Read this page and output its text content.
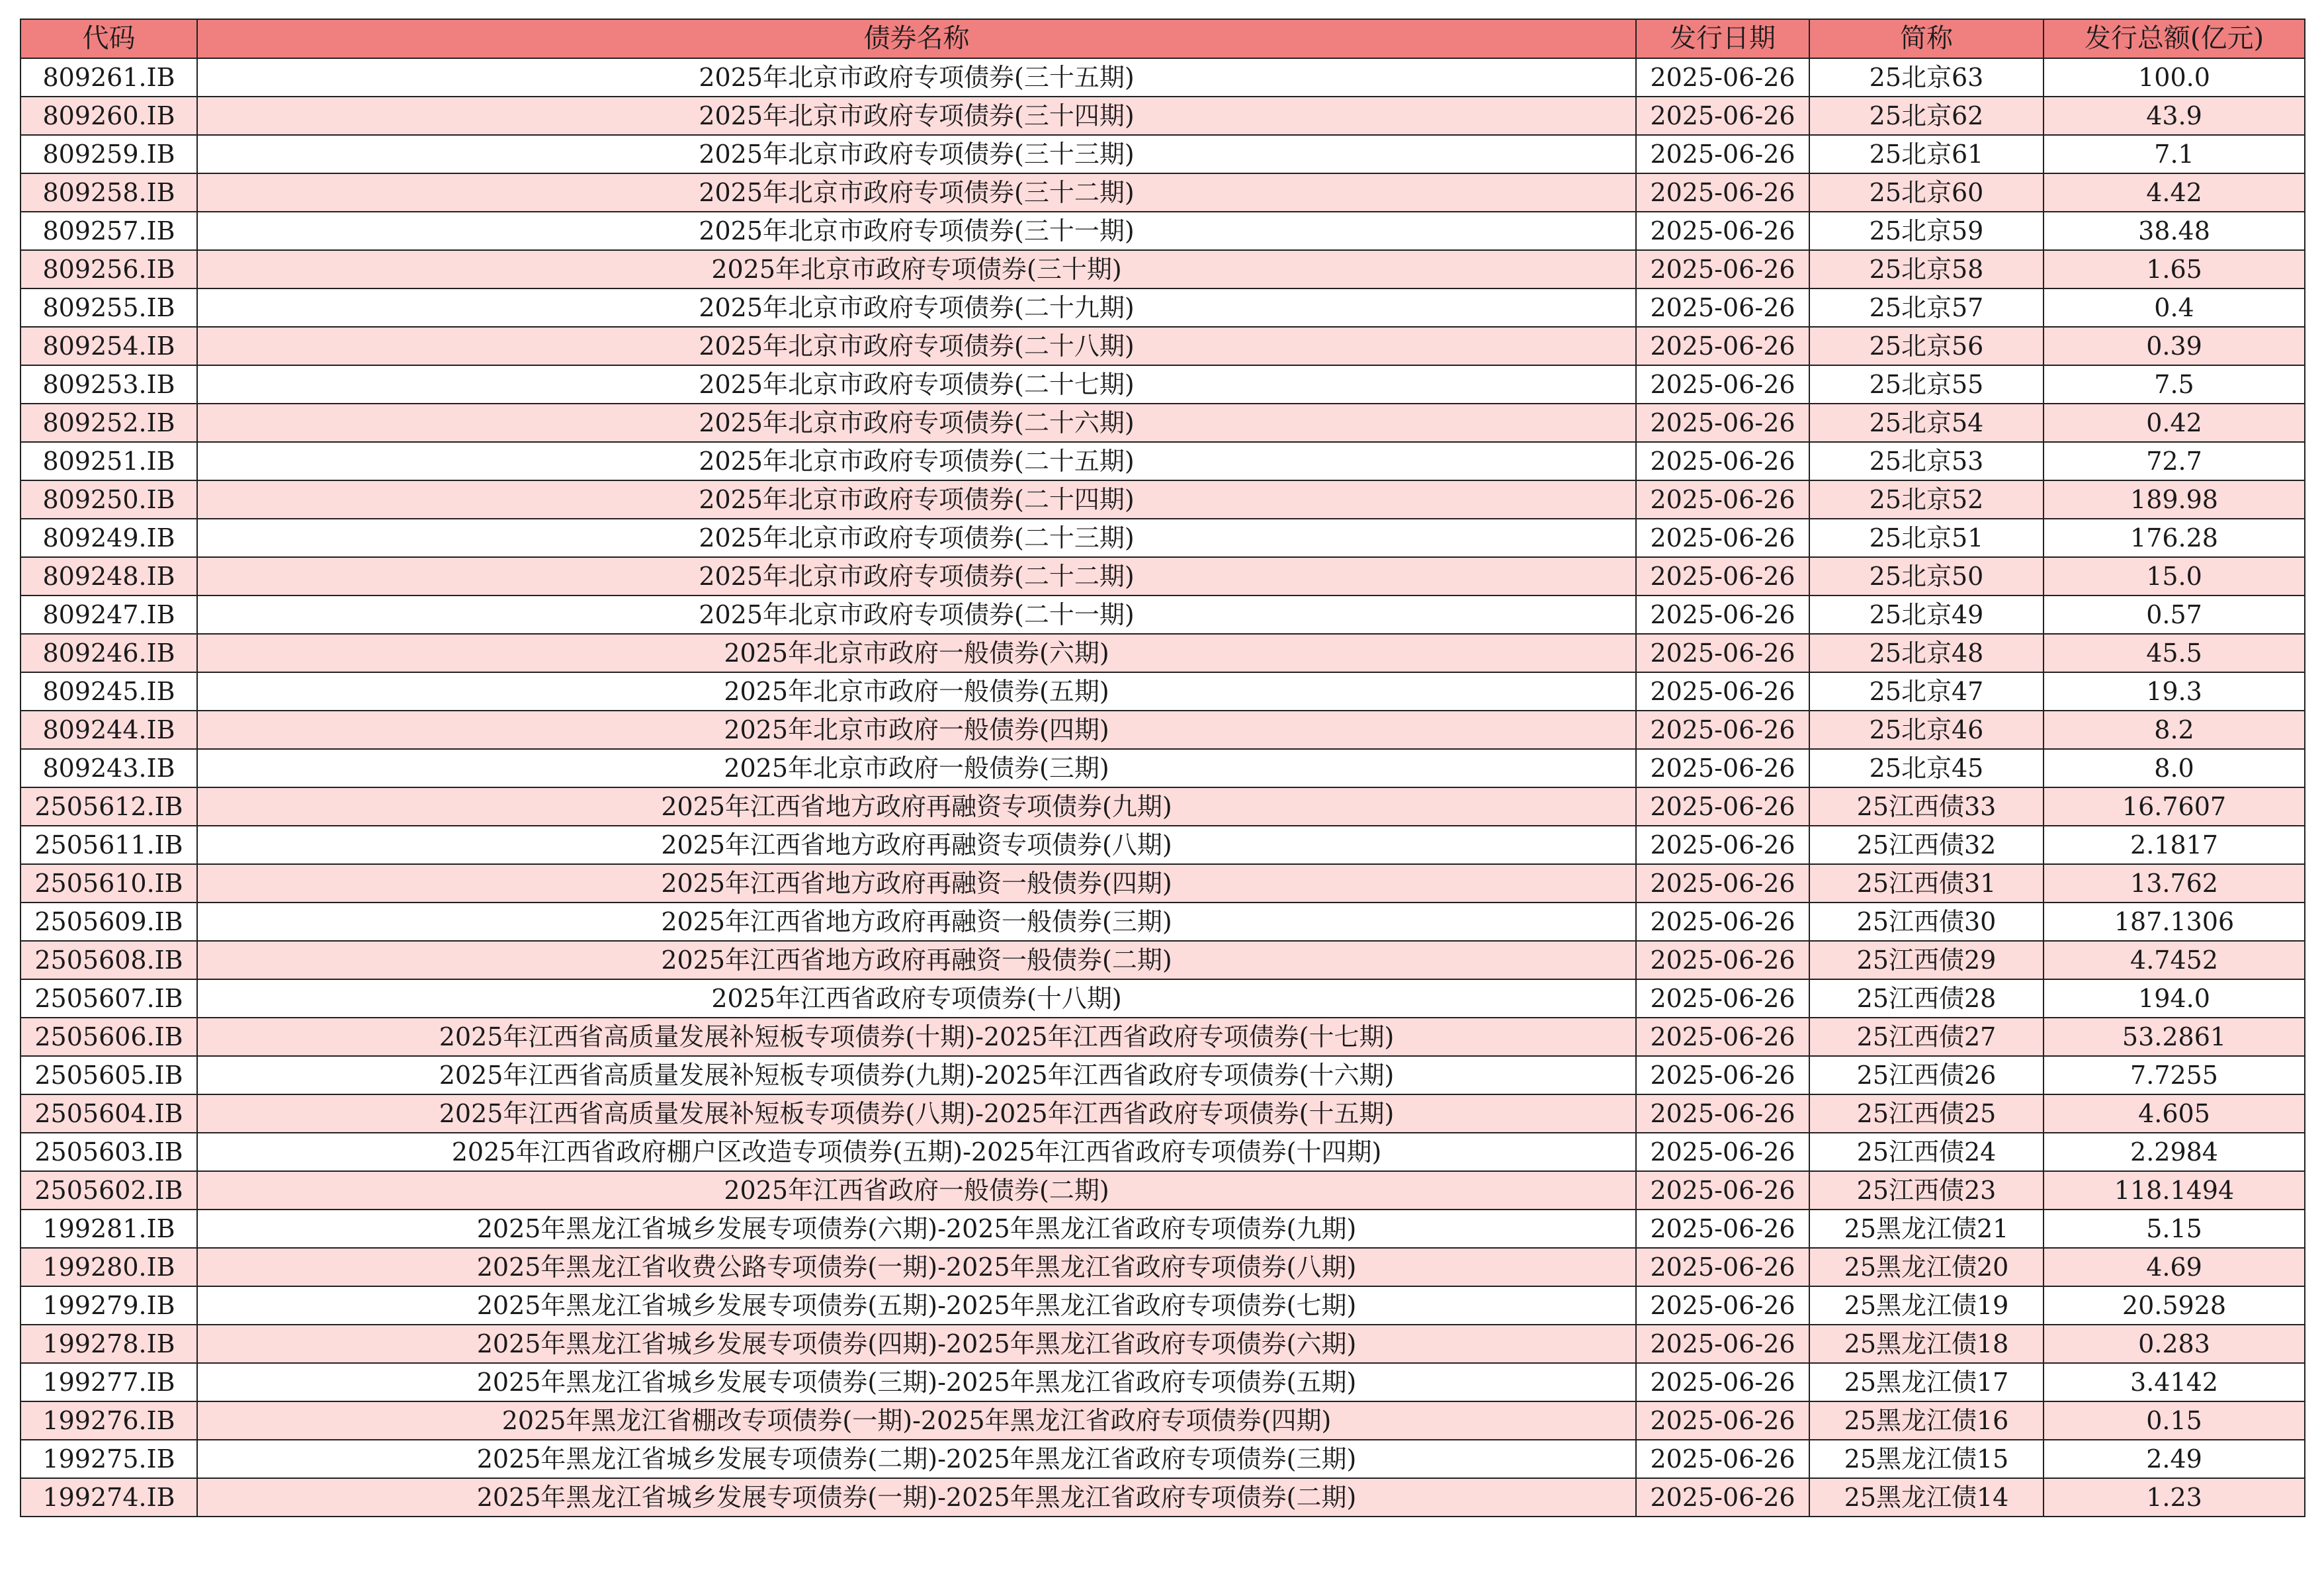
代码	债券名称	发行日期	简称	发行总额(亿元)
809261.IB	2025年北京市政府专项债券(三十五期)	2025-06-26	25北京63	100.0
809260.IB	2025年北京市政府专项债券(三十四期)	2025-06-26	25北京62	43.9
809259.IB	2025年北京市政府专项债券(三十三期)	2025-06-26	25北京61	7.1
809258.IB	2025年北京市政府专项债券(三十二期)	2025-06-26	25北京60	4.42
809257.IB	2025年北京市政府专项债券(三十一期)	2025-06-26	25北京59	38.48
809256.IB	2025年北京市政府专项债券(三十期)	2025-06-26	25北京58	1.65
809255.IB	2025年北京市政府专项债券(二十九期)	2025-06-26	25北京57	0.4
809254.IB	2025年北京市政府专项债券(二十八期)	2025-06-26	25北京56	0.39
809253.IB	2025年北京市政府专项债券(二十七期)	2025-06-26	25北京55	7.5
809252.IB	2025年北京市政府专项债券(二十六期)	2025-06-26	25北京54	0.42
809251.IB	2025年北京市政府专项债券(二十五期)	2025-06-26	25北京53	72.7
809250.IB	2025年北京市政府专项债券(二十四期)	2025-06-26	25北京52	189.98
809249.IB	2025年北京市政府专项债券(二十三期)	2025-06-26	25北京51	176.28
809248.IB	2025年北京市政府专项债券(二十二期)	2025-06-26	25北京50	15.0
809247.IB	2025年北京市政府专项债券(二十一期)	2025-06-26	25北京49	0.57
809246.IB	2025年北京市政府一般债券(六期)	2025-06-26	25北京48	45.5
809245.IB	2025年北京市政府一般债券(五期)	2025-06-26	25北京47	19.3
809244.IB	2025年北京市政府一般债券(四期)	2025-06-26	25北京46	8.2
809243.IB	2025年北京市政府一般债券(三期)	2025-06-26	25北京45	8.0
2505612.IB	2025年江西省地方政府再融资专项债券(九期)	2025-06-26	25江西债33	16.7607
2505611.IB	2025年江西省地方政府再融资专项债券(八期)	2025-06-26	25江西债32	2.1817
2505610.IB	2025年江西省地方政府再融资一般债券(四期)	2025-06-26	25江西债31	13.762
2505609.IB	2025年江西省地方政府再融资一般债券(三期)	2025-06-26	25江西债30	187.1306
2505608.IB	2025年江西省地方政府再融资一般债券(二期)	2025-06-26	25江西债29	4.7452
2505607.IB	2025年江西省政府专项债券(十八期)	2025-06-26	25江西债28	194.0
2505606.IB	2025年江西省高质量发展补短板专项债券(十期)-2025年江西省政府专项债券(十七期)	2025-06-26	25江西债27	53.2861
2505605.IB	2025年江西省高质量发展补短板专项债券(九期)-2025年江西省政府专项债券(十六期)	2025-06-26	25江西债26	7.7255
2505604.IB	2025年江西省高质量发展补短板专项债券(八期)-2025年江西省政府专项债券(十五期)	2025-06-26	25江西债25	4.605
2505603.IB	2025年江西省政府棚户区改造专项债券(五期)-2025年江西省政府专项债券(十四期)	2025-06-26	25江西债24	2.2984
2505602.IB	2025年江西省政府一般债券(二期)	2025-06-26	25江西债23	118.1494
199281.IB	2025年黑龙江省城乡发展专项债券(六期)-2025年黑龙江省政府专项债券(九期)	2025-06-26	25黑龙江债21	5.15
199280.IB	2025年黑龙江省收费公路专项债券(一期)-2025年黑龙江省政府专项债券(八期)	2025-06-26	25黑龙江债20	4.69
199279.IB	2025年黑龙江省城乡发展专项债券(五期)-2025年黑龙江省政府专项债券(七期)	2025-06-26	25黑龙江债19	20.5928
199278.IB	2025年黑龙江省城乡发展专项债券(四期)-2025年黑龙江省政府专项债券(六期)	2025-06-26	25黑龙江债18	0.283
199277.IB	2025年黑龙江省城乡发展专项债券(三期)-2025年黑龙江省政府专项债券(五期)	2025-06-26	25黑龙江债17	3.4142
199276.IB	2025年黑龙江省棚改专项债券(一期)-2025年黑龙江省政府专项债券(四期)	2025-06-26	25黑龙江债16	0.15
199275.IB	2025年黑龙江省城乡发展专项债券(二期)-2025年黑龙江省政府专项债券(三期)	2025-06-26	25黑龙江债15	2.49
199274.IB	2025年黑龙江省城乡发展专项债券(一期)-2025年黑龙江省政府专项债券(二期)	2025-06-26	25黑龙江债14	1.23
